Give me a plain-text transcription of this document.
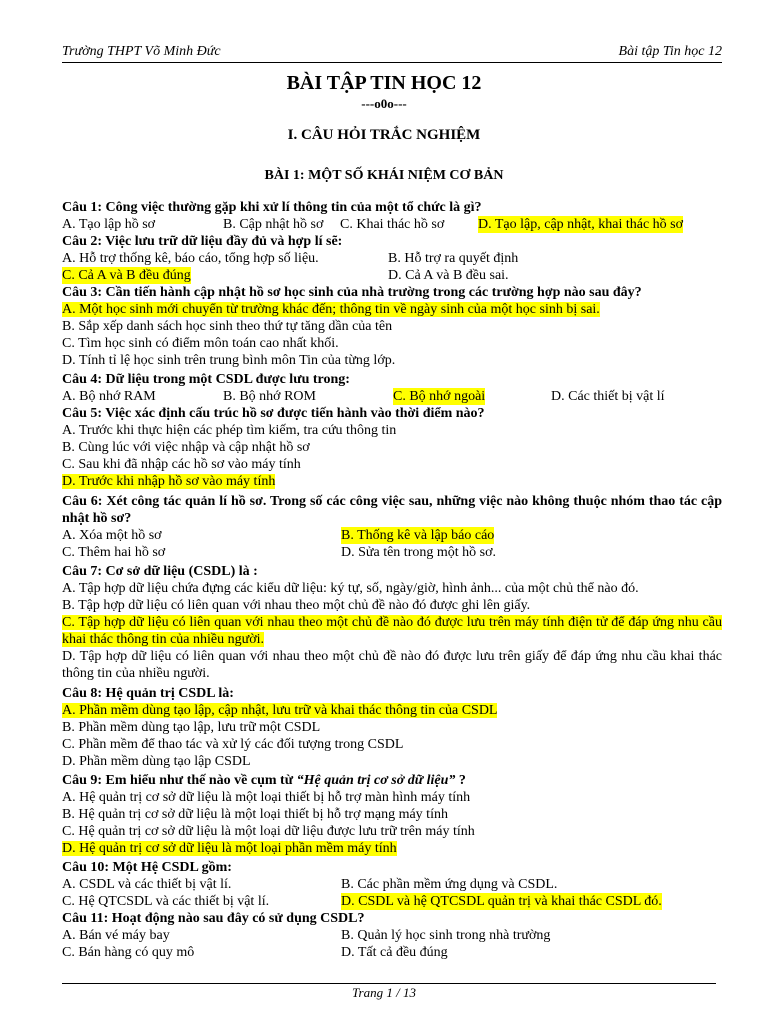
Trường THPT Võ Minh Đức	Bài tập Tin học 12
BÀI TẬP TIN HỌC 12
---o0o---
I. CÂU HỎI TRẮC NGHIỆM
BÀI 1: MỘT SỐ KHÁI NIỆM CƠ BẢN
Câu 1: Công việc thường gặp khi xử lí thông tin của một tổ chức là gì?
A. Tạo lập hồ sơ	B. Cập nhật hồ sơ C. Khai thác hồ sơ D. Tạo lập, cập nhật, khai thác hồ sơ
Câu 2: Việc lưu trữ dữ liệu đầy đủ và hợp lí sẽ:
A. Hỗ trợ thống kê, báo cáo, tổng hợp số liệu.	B. Hỗ trợ ra quyết định
C. Cả A và B đều đúng	D. Cả A và B đều sai.
Câu 3: Cần tiến hành cập nhật hồ sơ học sinh của nhà trường trong các trường hợp nào sau đây?
A. Một học sinh mới chuyển từ trường khác đến; thông tin về ngày sinh của một học sinh bị sai.
B. Sắp xếp danh sách học sinh theo thứ tự tăng dần của tên
C. Tìm học sinh có điểm môn toán cao nhất khối.
D. Tính tỉ lệ học sinh trên trung bình môn Tin của từng lớp.
Câu 4: Dữ liệu trong một CSDL được lưu trong:
A. Bộ nhớ RAM	B. Bộ nhớ ROM	C. Bộ nhớ ngoài	D. Các thiết bị vật lí
Câu 5: Việc xác định cấu trúc hồ sơ được tiến hành vào thời điểm nào?
A. Trước khi thực hiện các phép tìm kiếm, tra cứu thông tin
B. Cùng lúc với việc nhập và cập nhật hồ sơ
C. Sau khi đã nhập các hồ sơ vào máy tính
D. Trước khi nhập hồ sơ vào máy tính
Câu 6: Xét công tác quản lí hồ sơ. Trong số các công việc sau, những việc nào không thuộc nhóm thao tác cập nhật hồ sơ?
A. Xóa một hồ sơ	B. Thống kê và lập báo cáo
C. Thêm hai hồ sơ	D. Sửa tên trong một hồ sơ.
Câu 7: Cơ sở dữ liệu (CSDL) là :
A. Tập hợp dữ liệu chứa đựng các kiểu dữ liệu: ký tự, số, ngày/giờ, hình ảnh... của một chủ thể nào đó.
B. Tập hợp dữ liệu có liên quan với nhau theo một chủ đề nào đó được ghi lên giấy.
C. Tập hợp dữ liệu có liên quan với nhau theo một chủ đề nào đó được lưu trên máy tính điện tử để đáp ứng nhu cầu khai thác thông tin của nhiều người.
D. Tập hợp dữ liệu có liên quan với nhau theo một chủ đề nào đó được lưu trên giấy để đáp ứng nhu cầu khai thác thông tin của nhiều người.
Câu 8: Hệ quản trị CSDL là:
A. Phần mềm dùng tạo lập, cập nhật, lưu trữ và khai thác thông tin của CSDL
B. Phần mềm dùng tạo lập, lưu trữ một CSDL
C. Phần mềm để thao tác và xử lý các đối tượng trong CSDL
D. Phần mềm dùng tạo lập CSDL
Câu 9: Em hiểu như thế nào về cụm từ “Hệ quản trị cơ sở dữ liệu” ?
A. Hệ quản trị cơ sở dữ liệu là một loại thiết bị hỗ trợ màn hình máy tính
B. Hệ quản trị cơ sở dữ liệu là một loại thiết bị hỗ trợ mạng máy tính
C. Hệ quản trị cơ sở dữ liệu là một loại dữ liệu được lưu trữ trên máy tính
D. Hệ quản trị cơ sở dữ liệu là một loại phần mềm máy tính
Câu 10: Một Hệ CSDL gồm:
A. CSDL và các thiết bị vật lí.	B. Các phần mềm ứng dụng và CSDL.
C. Hệ QTCSDL và các thiết bị vật lí.	D. CSDL và hệ QTCSDL quản trị và khai thác CSDL đó.
Câu 11: Hoạt động nào sau đây có sử dụng CSDL?
A. Bán vé máy bay	B. Quản lý học sinh trong nhà trường
C. Bán hàng có quy mô	D. Tất cả đều đúng
Trang 1 / 13
